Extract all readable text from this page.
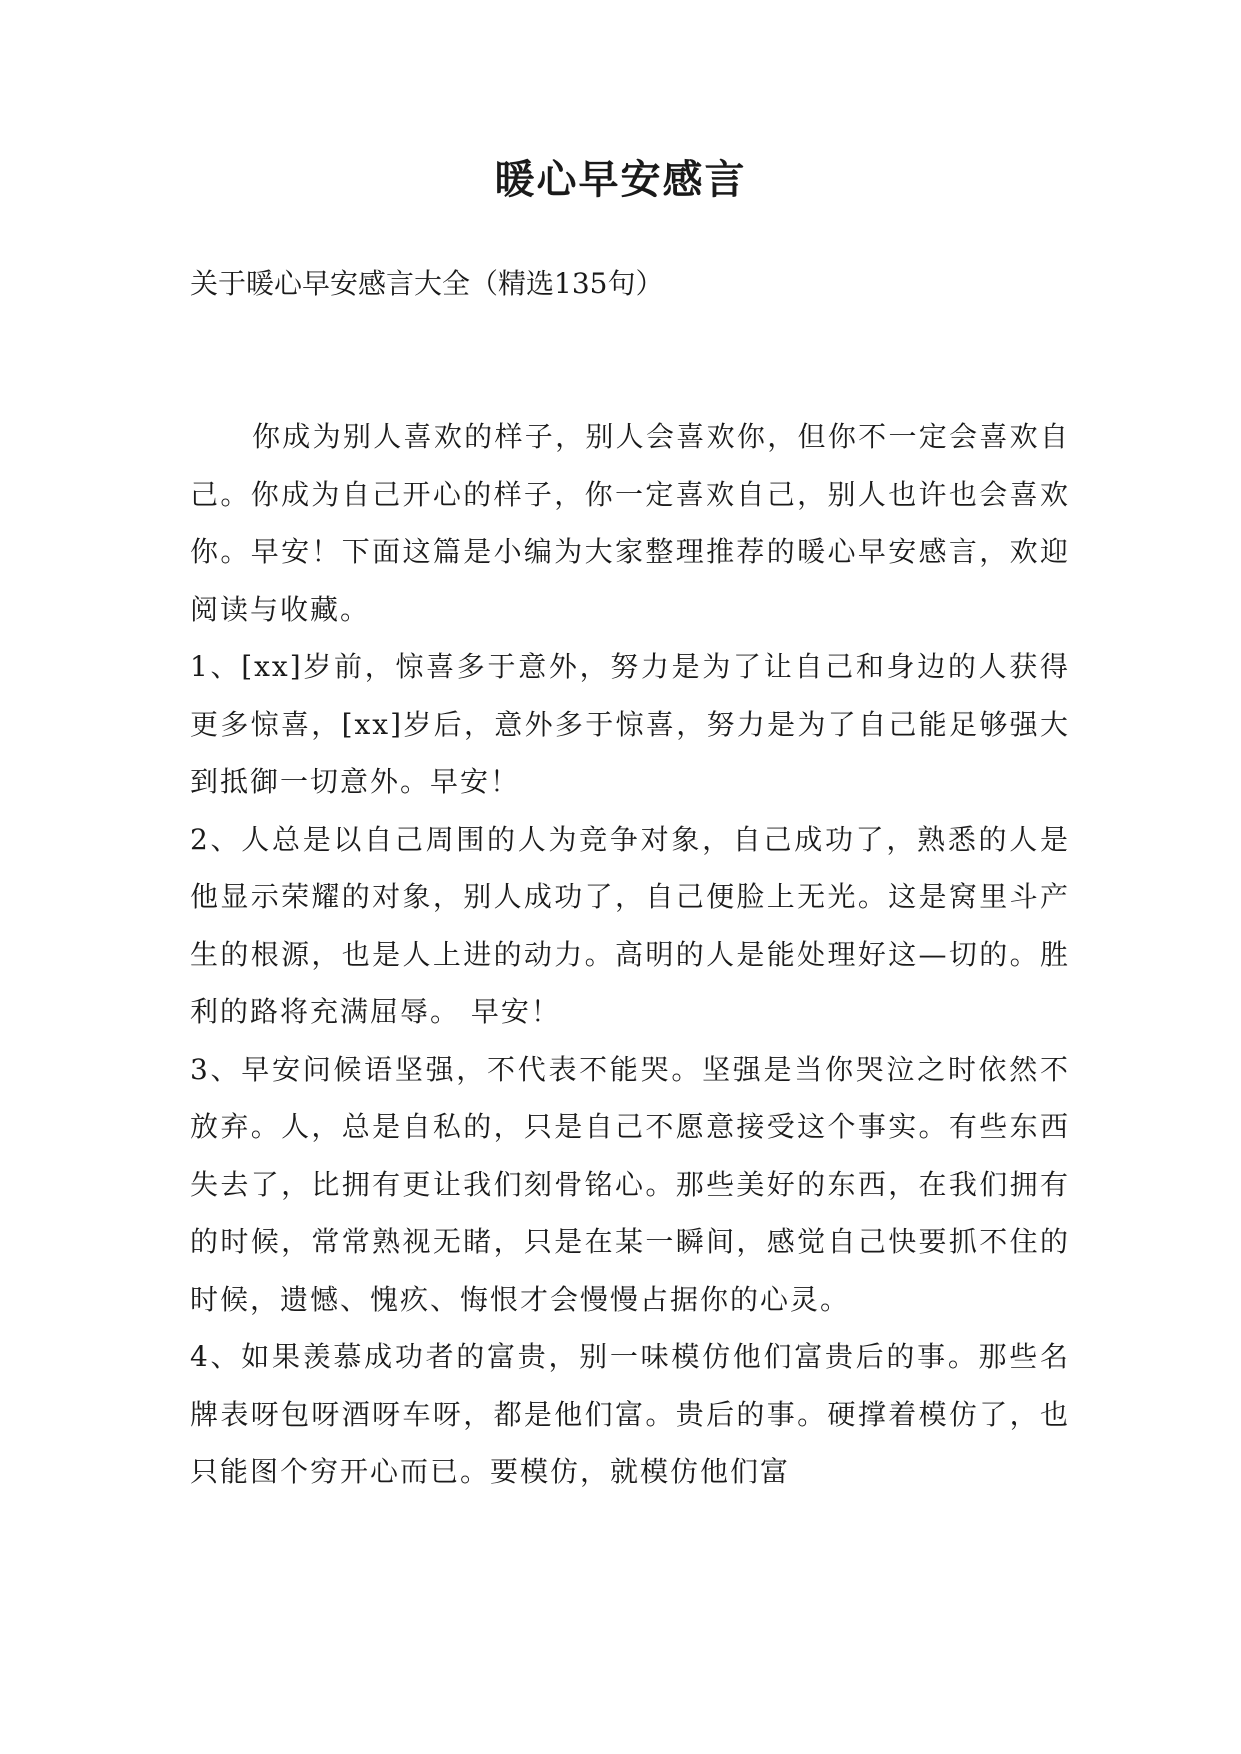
暖心早安感言

关于暖心早安感言大全（精选135句）

你成为别人喜欢的样子，别人会喜欢你，但你不一定会喜欢自己。你成为自己开心的样子，你一定喜欢自己，别人也许也会喜欢你。早安！下面这篇是小编为大家整理推荐的暖心早安感言，欢迎阅读与收藏。

1、[xx]岁前，惊喜多于意外，努力是为了让自己和身边的人获得更多惊喜，[xx]岁后，意外多于惊喜，努力是为了自己能足够强大到抵御一切意外。早安！

2、人总是以自己周围的人为竞争对象，自己成功了，熟悉的人是他显示荣耀的对象，别人成功了，自己便脸上无光。这是窝里斗产生的根源，也是人上进的动力。高明的人是能处理好这—切的。胜利的路将充满屈辱。 早安！

3、早安问候语坚强，不代表不能哭。坚强是当你哭泣之时依然不放弃。人，总是自私的，只是自己不愿意接受这个事实。有些东西失去了，比拥有更让我们刻骨铭心。那些美好的东西，在我们拥有的时候，常常熟视无睹，只是在某一瞬间，感觉自己快要抓不住的时候，遗憾、愧疚、悔恨才会慢慢占据你的心灵。

4、如果羡慕成功者的富贵，别一味模仿他们富贵后的事。那些名牌表呀包呀酒呀车呀，都是他们富。贵后的事。硬撑着模仿了，也只能图个穷开心而已。要模仿，就模仿他们富
